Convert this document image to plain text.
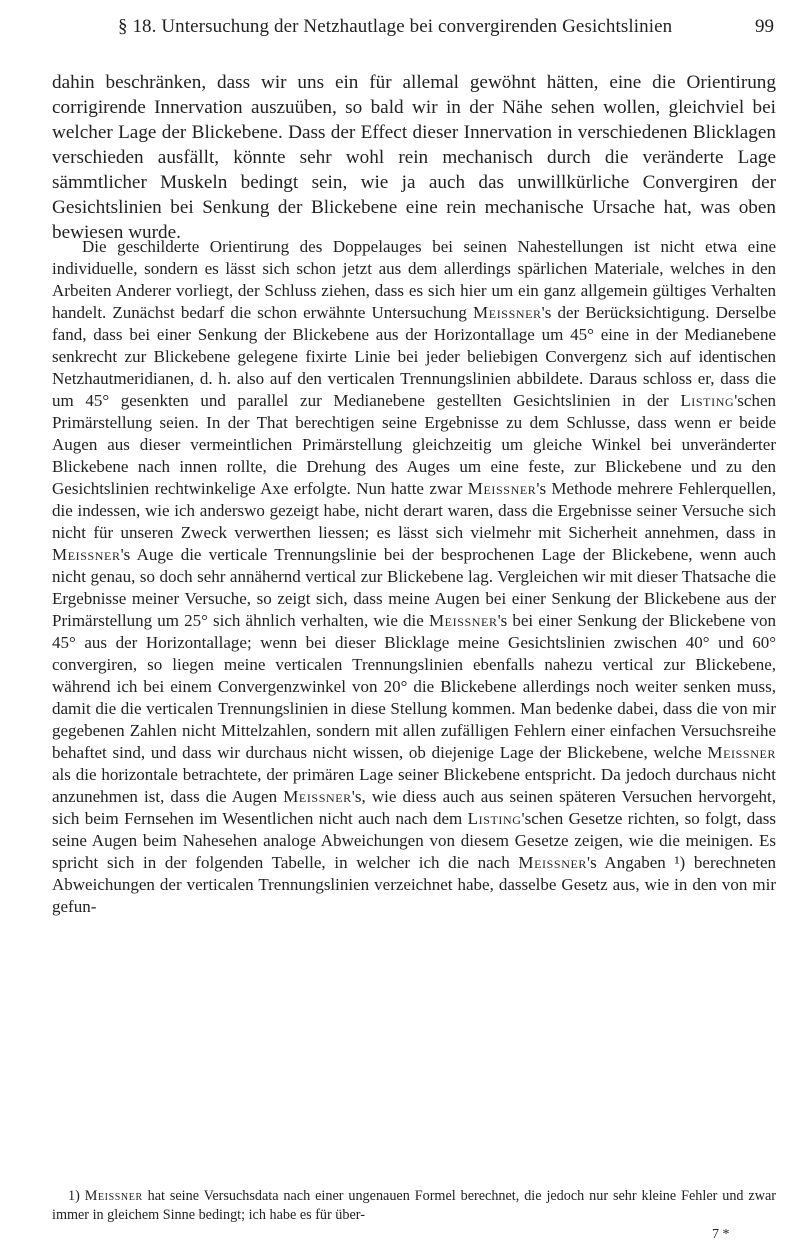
§ 18. Untersuchung der Netzhautlage bei convergirenden Gesichtslinien	99
dahin beschränken, dass wir uns ein für allemal gewöhnt hätten, eine die Orientirung corrigirende Innervation auszuüben, so bald wir in der Nähe sehen wollen, gleichviel bei welcher Lage der Blickebene. Dass der Effect dieser Innervation in verschiedenen Blicklagen verschieden ausfällt, könnte sehr wohl rein mechanisch durch die veränderte Lage sämmtlicher Muskeln bedingt sein, wie ja auch das unwillkürliche Convergiren der Gesichtslinien bei Senkung der Blickebene eine rein mechanische Ursache hat, was oben bewiesen wurde.
Die geschilderte Orientirung des Doppelauges bei seinen Nahestellungen ist nicht etwa eine individuelle, sondern es lässt sich schon jetzt aus dem allerdings spärlichen Materiale, welches in den Arbeiten Anderer vorliegt, der Schluss ziehen, dass es sich hier um ein ganz allgemein gültiges Verhalten handelt. Zunächst bedarf die schon erwähnte Untersuchung Meissner's der Berücksichtigung. Derselbe fand, dass bei einer Senkung der Blickebene aus der Horizontallage um 45° eine in der Medianebene senkrecht zur Blickebene gelegene fixirte Linie bei jeder beliebigen Convergenz sich auf identischen Netzhautmeridianen, d. h. also auf den verticalen Trennungslinien abbildete. Daraus schloss er, dass die um 45° gesenkten und parallel zur Medianebene gestellten Gesichtslinien in der Listing'schen Primärstellung seien. In der That berechtigen seine Ergebnisse zu dem Schlusse, dass wenn er beide Augen aus dieser vermeintlichen Primärstellung gleichzeitig um gleiche Winkel bei unveränderter Blickebene nach innen rollte, die Drehung des Auges um eine feste, zur Blickebene und zu den Gesichtslinien rechtwinkelige Axe erfolgte. Nun hatte zwar Meissner's Methode mehrere Fehlerquellen, die indessen, wie ich anderswo gezeigt habe, nicht derart waren, dass die Ergebnisse seiner Versuche sich nicht für unseren Zweck verwerthen liessen; es lässt sich vielmehr mit Sicherheit annehmen, dass in Meissner's Auge die verticale Trennungslinie bei der besprochenen Lage der Blickebene, wenn auch nicht genau, so doch sehr annähernd vertical zur Blickebene lag. Vergleichen wir mit dieser Thatsache die Ergebnisse meiner Versuche, so zeigt sich, dass meine Augen bei einer Senkung der Blickebene aus der Primärstellung um 25° sich ähnlich verhalten, wie die Meissner's bei einer Senkung der Blickebene von 45° aus der Horizontallage; wenn bei dieser Blicklage meine Gesichtslinien zwischen 40° und 60° convergiren, so liegen meine verticalen Trennungslinien ebenfalls nahezu vertical zur Blickebene, während ich bei einem Convergenzwinkel von 20° die Blickebene allerdings noch weiter senken muss, damit die die verticalen Trennungslinien in diese Stellung kommen. Man bedenke dabei, dass die von mir gegebenen Zahlen nicht Mittelzahlen, sondern mit allen zufälligen Fehlern einer einfachen Versuchsreihe behaftet sind, und dass wir durchaus nicht wissen, ob diejenige Lage der Blickebene, welche Meissner als die horizontale betrachtete, der primären Lage seiner Blickebene entspricht. Da jedoch durchaus nicht anzunehmen ist, dass die Augen Meissner's, wie diess auch aus seinen späteren Versuchen hervorgeht, sich beim Fernsehen im Wesentlichen nicht auch nach dem Listing'schen Gesetze richten, so folgt, dass seine Augen beim Nahesehen analoge Abweichungen von diesem Gesetze zeigen, wie die meinigen. Es spricht sich in der folgenden Tabelle, in welcher ich die nach Meissner's Angaben ¹) berechneten Abweichungen der verticalen Trennungslinien verzeichnet habe, dasselbe Gesetz aus, wie in den von mir gefun-
1) Meissner hat seine Versuchsdata nach einer ungenauen Formel berechnet, die jedoch nur sehr kleine Fehler und zwar immer in gleichem Sinne bedingt; ich habe es für über-
7 *
